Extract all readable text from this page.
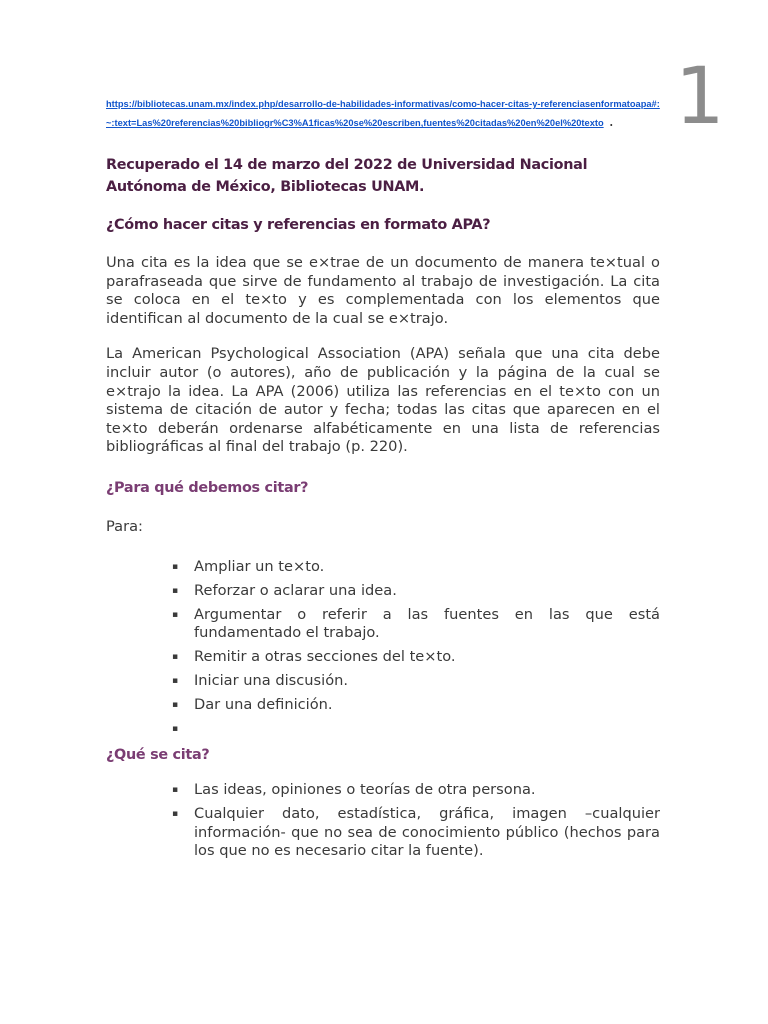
1
https://bibliotecas.unam.mx/index.php/desarrollo-de-habilidades-informativas/como-hacer-citas-y-referenciasenformatoapa#:~:text=Las%20referencias%20bibliogr%C3%A1ficas%20se%20escriben,fuentes%20citadas%20en%20el%20texto .

Recuperado el 14 de marzo del 2022 de Universidad Nacional Autónoma de México, Bibliotecas UNAM.

¿Cómo hacer citas y referencias en formato APA?

Una cita es la idea que se e×trae de un documento de manera te×tual o parafraseada que sirve de fundamento al trabajo de investigación. La cita se coloca en el te×to y es complementada con los elementos que identifican al documento de la cual se e×trajo.

La American Psychological Association (APA) señala que una cita debe incluir autor (o autores), año de publicación y la página de la cual se e×trajo la idea. La APA (2006) utiliza las referencias en el te×to con un sistema de citación de autor y fecha; todas las citas que aparecen en el te×to deberán ordenarse alfabéticamente en una lista de referencias bibliográficas al final del trabajo (p. 220).

¿Para qué debemos citar?

Para:

▪ Ampliar un te×to.
▪ Reforzar o aclarar una idea.
▪ Argumentar o referir a las fuentes en las que está fundamentado el trabajo.
▪ Remitir a otras secciones del te×to.
▪ Iniciar una discusión.
▪ Dar una definición.
▪

¿Qué se cita?

▪ Las ideas, opiniones o teorías de otra persona.
▪ Cualquier dato, estadística, gráfica, imagen –cualquier información- que no sea de conocimiento público (hechos para los que no es necesario citar la fuente).
